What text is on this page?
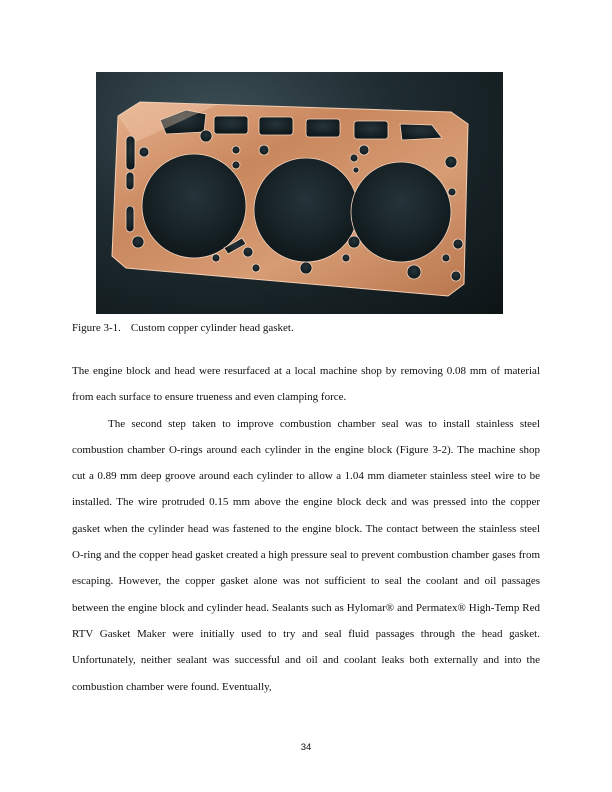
Figure 3-1. Custom copper cylinder head gasket.

The engine block and head were resurfaced at a local machine shop by removing 0.08 mm of material from each surface to ensure trueness and even clamping force.

The second step taken to improve combustion chamber seal was to install stainless steel combustion chamber O-rings around each cylinder in the engine block (Figure 3-2). The machine shop cut a 0.89 mm deep groove around each cylinder to allow a 1.04 mm diameter stainless steel wire to be installed. The wire protruded 0.15 mm above the engine block deck and was pressed into the copper gasket when the cylinder head was fastened to the engine block. The contact between the stainless steel O-ring and the copper head gasket created a high pressure seal to prevent combustion chamber gases from escaping. However, the copper gasket alone was not sufficient to seal the coolant and oil passages between the engine block and cylinder head. Sealants such as Hylomar® and Permatex® High-Temp Red RTV Gasket Maker were initially used to try and seal fluid passages through the head gasket. Unfortunately, neither sealant was successful and oil and coolant leaks both externally and into the combustion chamber were found. Eventually,

34
